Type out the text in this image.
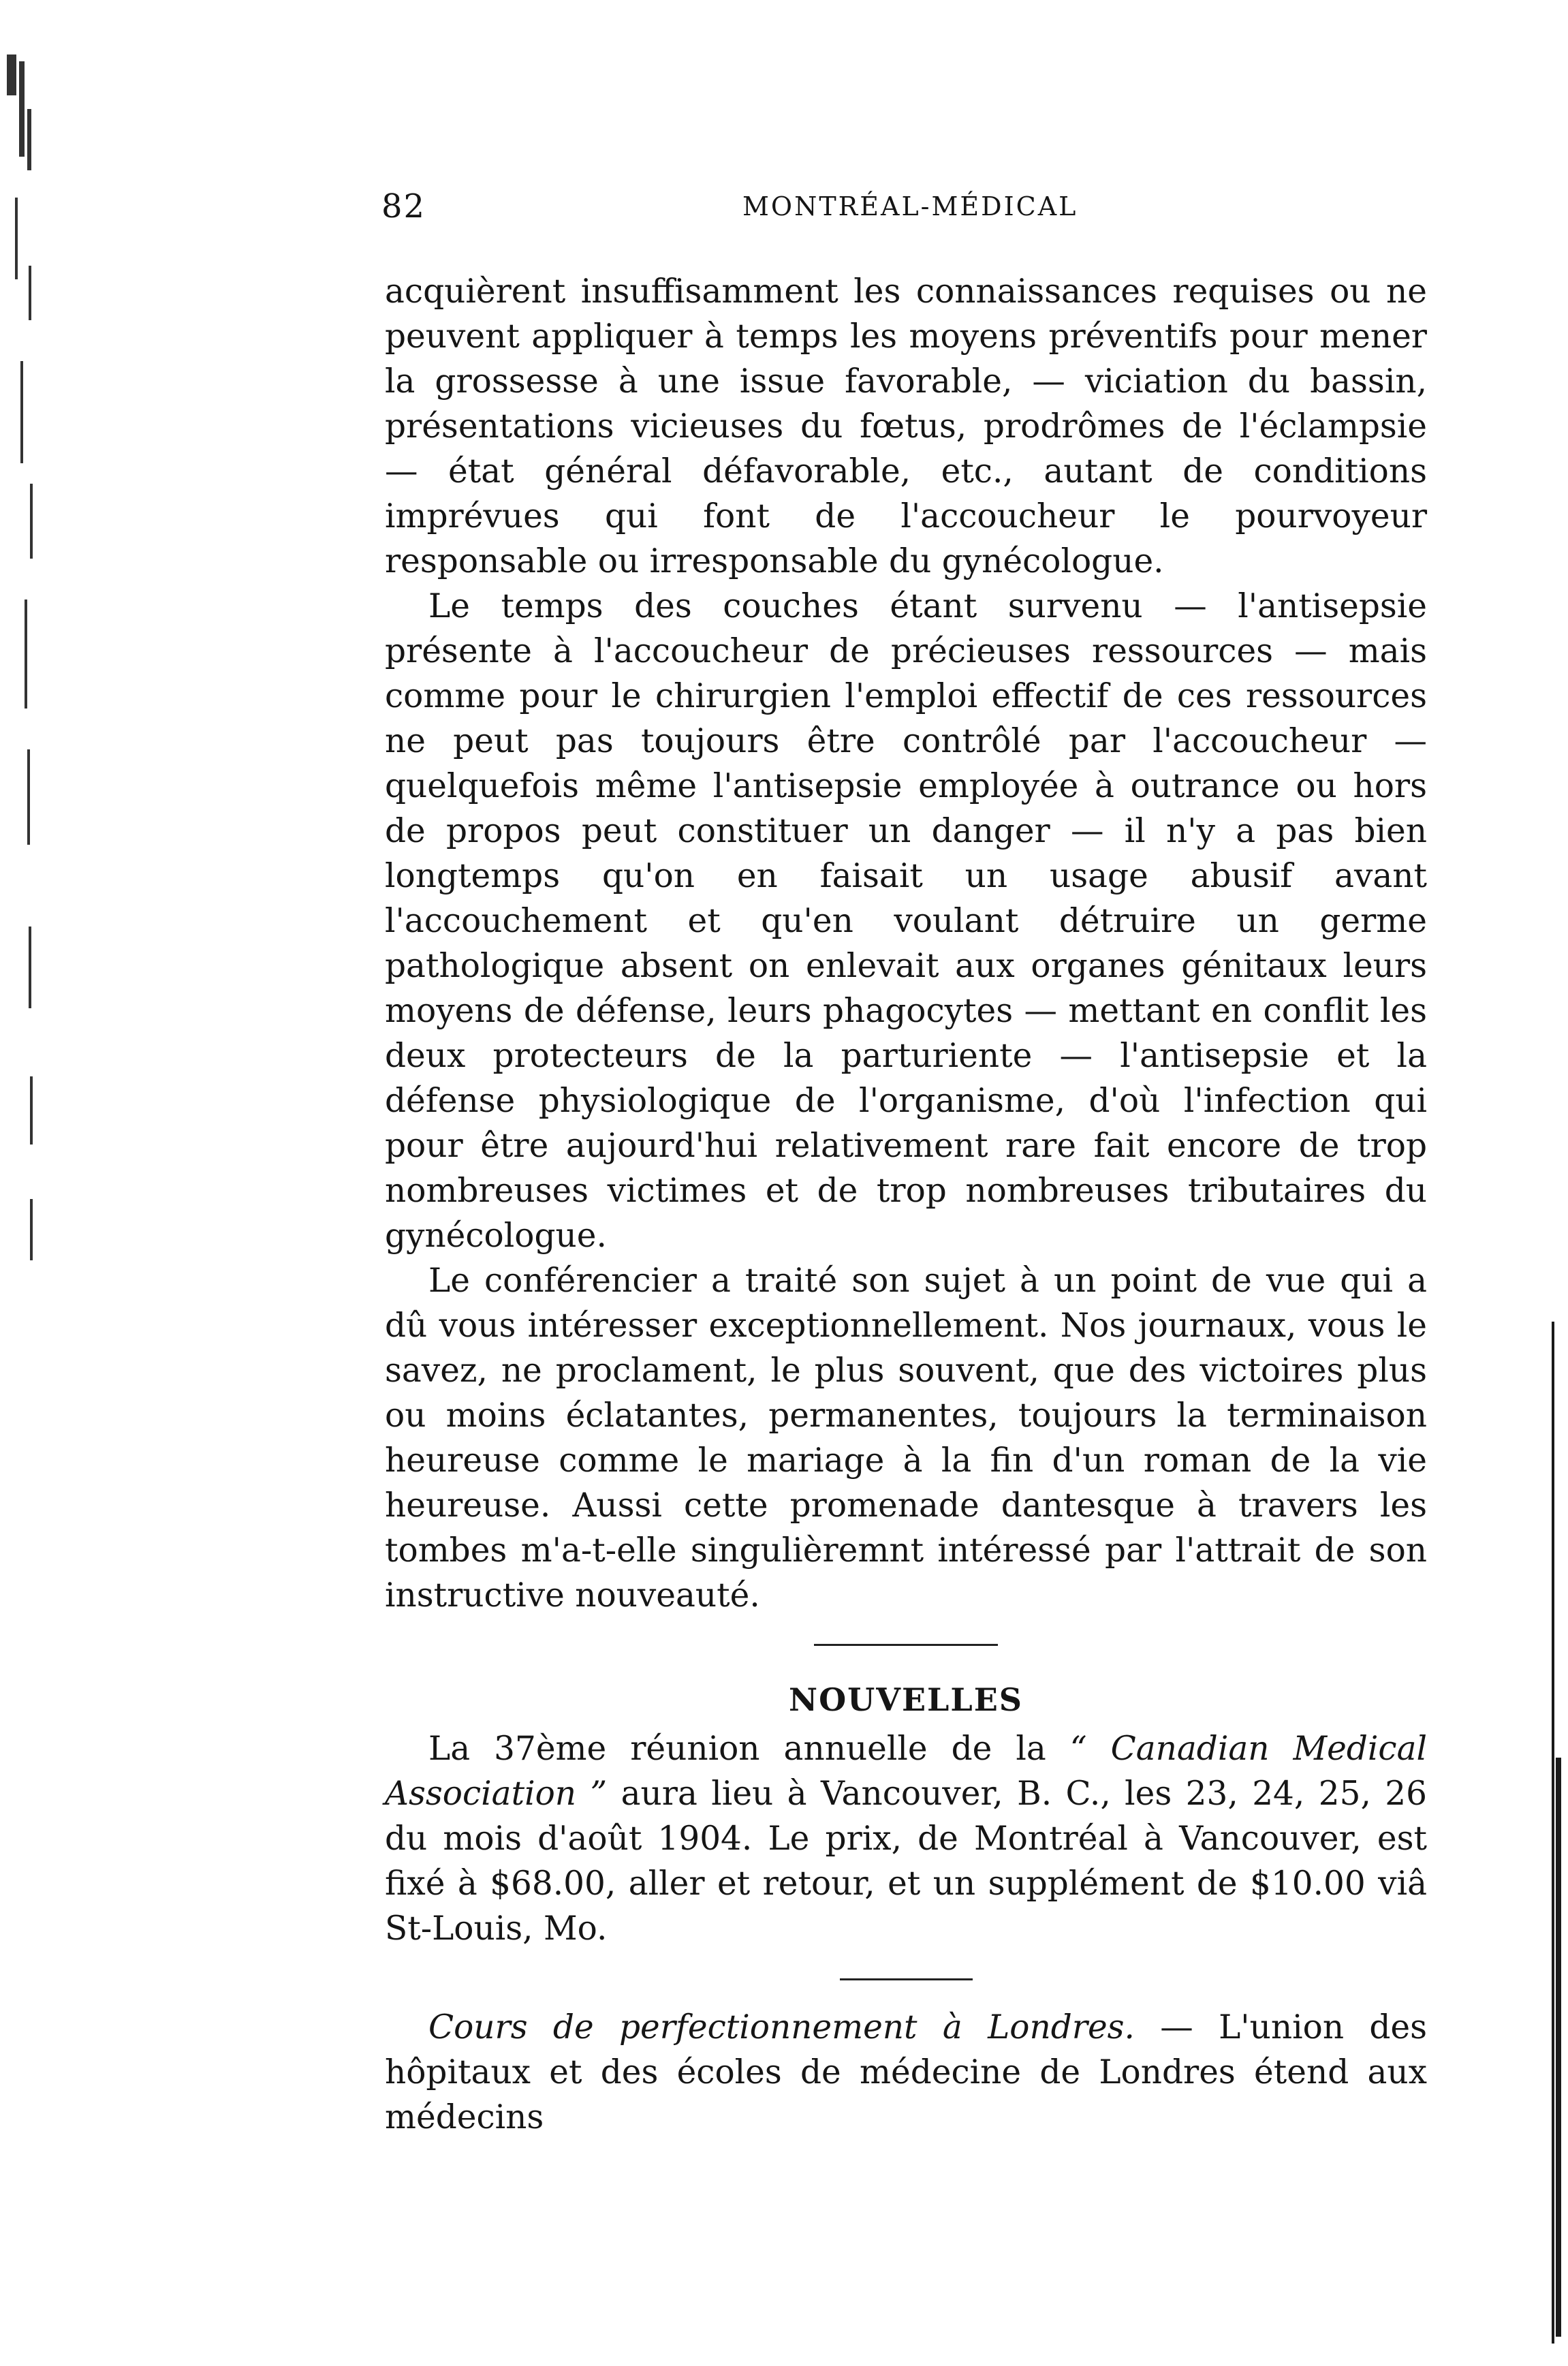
82	MONTRÉAL-MÉDICAL

acquièrent insuffisamment les connaissances requises ou ne peuvent appliquer à temps les moyens préventifs pour mener la grossesse à une issue favorable, — viciation du bassin, présentations vicieuses du fœtus, prodrômes de l'éclampsie — état général défavorable, etc., autant de conditions imprévues qui font de l'accoucheur le pourvoyeur responsable ou irresponsable du gynécologue.

Le temps des couches étant survenu — l'antisepsie présente à l'accoucheur de précieuses ressources — mais comme pour le chirurgien l'emploi effectif de ces ressources ne peut pas toujours être contrôlé par l'accoucheur — quelquefois même l'antisepsie employée à outrance ou hors de propos peut constituer un danger — il n'y a pas bien longtemps qu'on en faisait un usage abusif avant l'accouchement et qu'en voulant détruire un germe pathologique absent on enlevait aux organes génitaux leurs moyens de défense, leurs phagocytes — mettant en conflit les deux protecteurs de la parturiente — l'antisepsie et la défense physiologique de l'organisme, d'où l'infection qui pour être aujourd'hui relativement rare fait encore de trop nombreuses victimes et de trop nombreuses tributaires du gynécologue.

Le conférencier a traité son sujet à un point de vue qui a dû vous intéresser exceptionnellement. Nos journaux, vous le savez, ne proclament, le plus souvent, que des victoires plus ou moins éclatantes, permanentes, toujours la terminaison heureuse comme le mariage à la fin d'un roman de la vie heureuse. Aussi cette promenade dantesque à travers les tombes m'a-t-elle singulièremnt intéressé par l'attrait de son instructive nouveauté.

NOUVELLES

La 37ème réunion annuelle de la “ Canadian Medical Association ” aura lieu à Vancouver, B. C., les 23, 24, 25, 26 du mois d'août 1904. Le prix, de Montréal à Vancouver, est fixé à $68.00, aller et retour, et un supplément de $10.00 viâ St-Louis, Mo.

Cours de perfectionnement à Londres. — L'union des hôpitaux et des écoles de médecine de Londres étend aux médecins
